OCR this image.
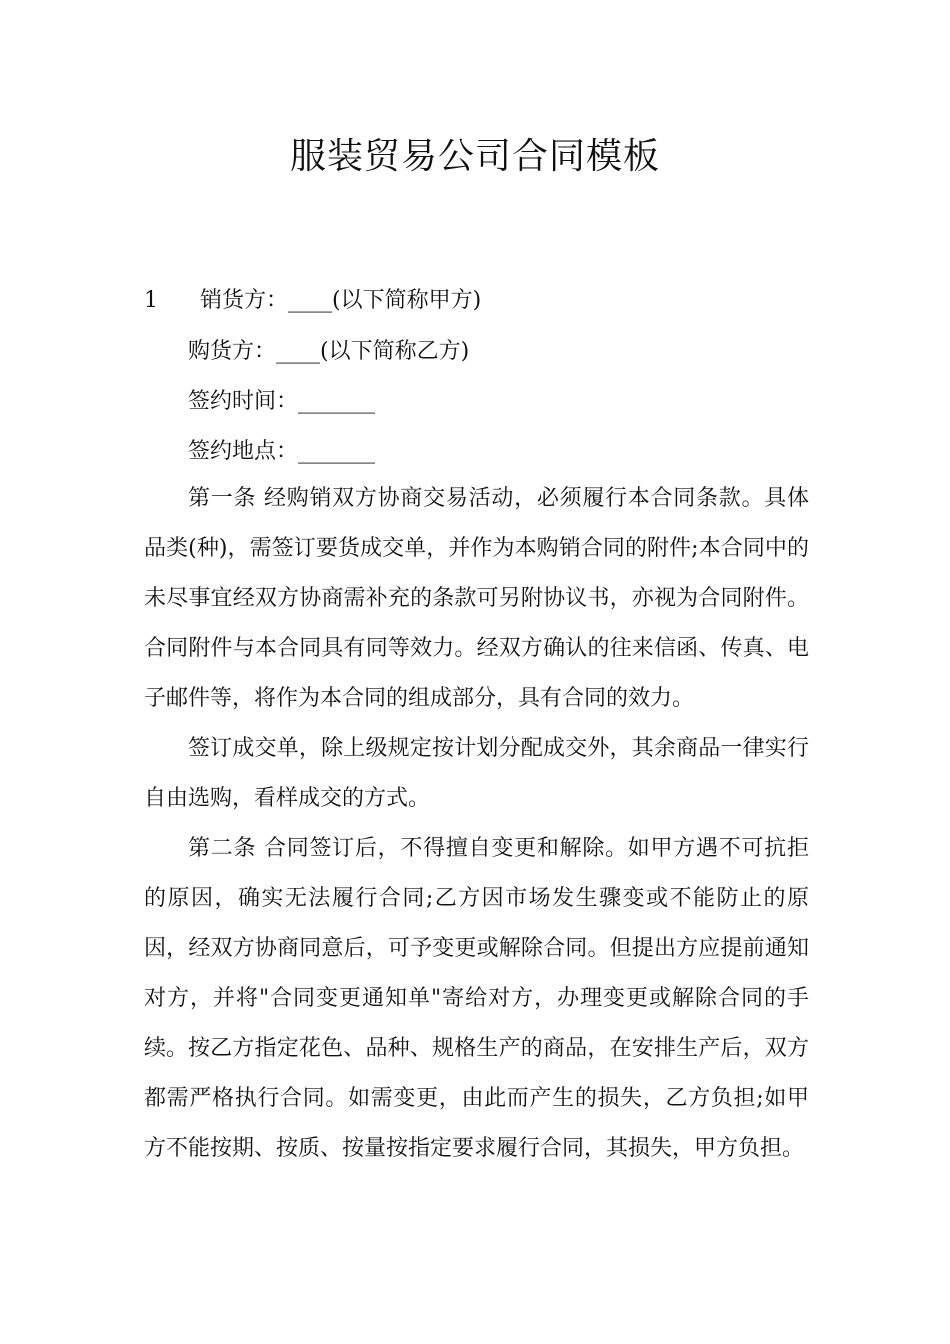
服装贸易公司合同模板
1 销货方：____(以下简称甲方)
购货方：____(以下简称乙方)
签约时间：_______
签约地点：_______

第一条 经购销双方协商交易活动，必须履行本合同条款。具体品类(种)，需签订要货成交单，并作为本购销合同的附件;本合同中的未尽事宜经双方协商需补充的条款可另附协议书，亦视为合同附件。合同附件与本合同具有同等效力。经双方确认的往来信函、传真、电子邮件等，将作为本合同的组成部分，具有合同的效力。

签订成交单，除上级规定按计划分配成交外，其余商品一律实行自由选购，看样成交的方式。

第二条 合同签订后，不得擅自变更和解除。如甲方遇不可抗拒的原因，确实无法履行合同;乙方因市场发生骤变或不能防止的原因，经双方协商同意后，可予变更或解除合同。但提出方应提前通知对方，并将"合同变更通知单"寄给对方，办理变更或解除合同的手续。 按乙方指定花色、品种、规格生产的商品，在安排生产后，双方都需严格执行合同。如需变更，由此而产生的损失，乙方负担;如甲方不能按期、按质、按量按指定要求履行合同，其损失，甲方负担。
